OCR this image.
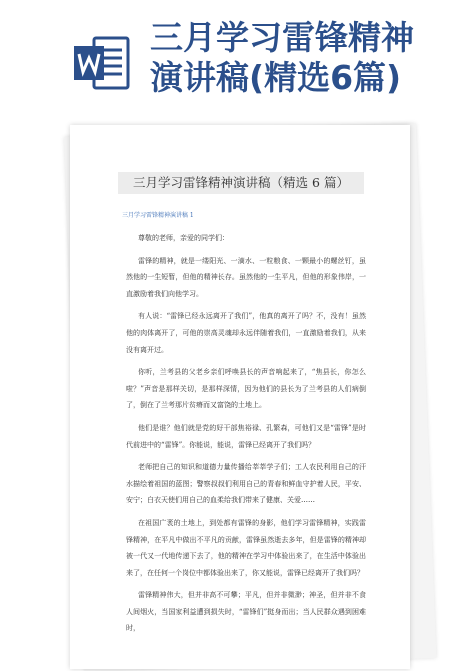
三月学习雷锋精神
演讲稿(精选6篇)
三月学习雷锋精神演讲稿（精选 6 篇）
三月学习雷锋精神演讲稿 1

尊敬的老师，亲爱的同学们：

雷锋的精神，就是一缕阳光、一滴水、一粒粮食、一颗最小的螺丝钉，虽然他的一生短暂，但他的精神长存。虽然他的一生平凡，但他的形象伟岸，一直激励着我们向他学习。

有人说：“雷锋已经永远离开了我们”，他真的离开了吗？不，没有！虽然他的肉体离开了，可他的崇高灵魂却永远伴随着我们，一直激励着我们，从来没有离开过。

你听，兰考县的父老乡亲们呼唤县长的声音响起来了，“焦县长，你怎么啦？”声音是那样关切，是那样深情，因为他们的县长为了兰考县的人们病倒了，倒在了兰考那片贫瘠而又富饶的土地上。

他们是谁？他们就是党的好干部焦裕禄、孔繁森，可他们又是“雷锋”是时代前进中的“雷锋”。你能说，能说，雷锋已经离开了我们吗？

老师把自己的知识和道德力量传播给莘莘学子们；工人农民利用自己的汗水描绘着祖国的蓝图；警察叔叔们利用自己的青春和鲜血守护着人民，平安、安宁；白衣天使们用自己的血柔给我们带来了健康、关爱……

在祖国广袤的土地上，到处都有雷锋的身影，他们学习雷锋精神，实践雷锋精神，在平凡中做出不平凡的贡献，雷锋虽然逝去多年，但是雷锋的精神却被一代又一代地传递下去了，他的精神在学习中体验出来了，在生活中体验出来了，在任何一个岗位中都体验出来了，你又能说，雷锋已经离开了我们吗？

雷锋精神伟大，但并非高不可攀；平凡，但并非微渺；神圣，但并非不食人间烟火，当国家利益遭到损失时，“雷锋们”挺身而出；当人民群众遇到困难时，
